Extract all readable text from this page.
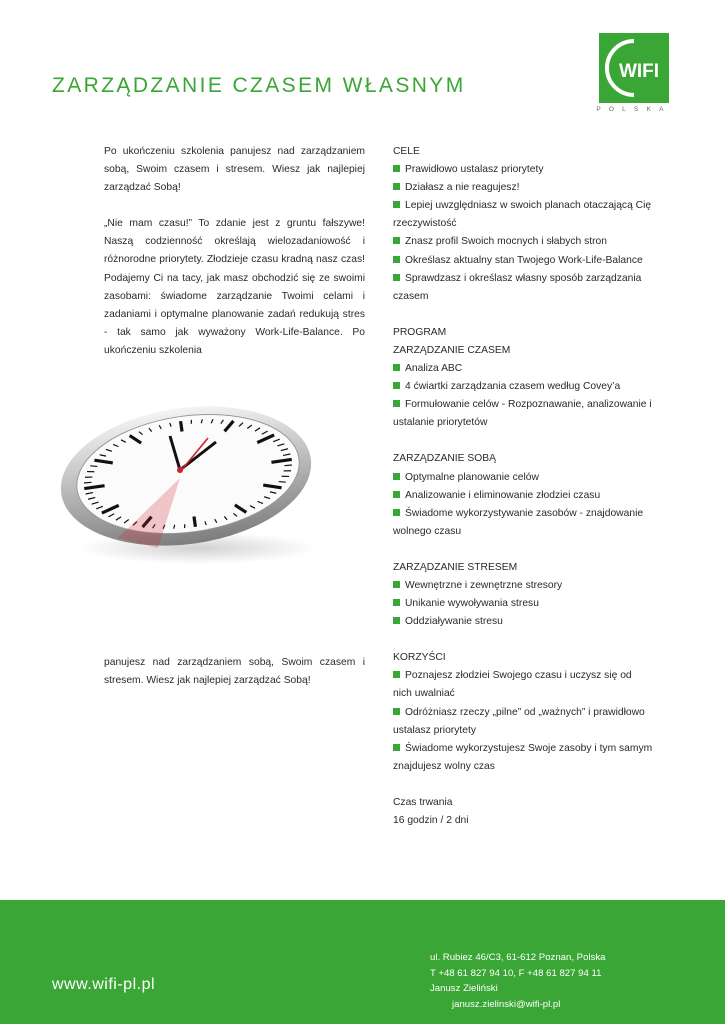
ZARZĄDZANIE CZASEM WŁASNYM
WIFI
POLSKA

Po ukończeniu szkolenia panujesz nad zarządzaniem sobą, Swoim czasem i stresem. Wiesz jak najlepiej zarządzać Sobą!

„Nie mam czasu!” To zdanie jest z gruntu fałszywe! Naszą codzienność określają wielozadaniowość i różnorodne priorytety. Złodzieje czasu kradną nasz czas! Podajemy Ci na tacy, jak masz obchodzić się ze swoimi zasobami: świadome zarządzanie Twoimi celami i zadaniami i optymalne planowanie zadań redukują stres - tak samo jak wyważony Work-Life-Balance. Po ukończeniu szkolenia

panujesz nad zarządzaniem sobą, Swoim czasem i stresem. Wiesz jak najlepiej zarządzać Sobą!

CELE
Prawidłowo ustalasz priorytety
Działasz a nie reagujesz!
Lepiej uwzględniasz w swoich planach otaczającą Cię rzeczywistość
Znasz profil Swoich mocnych i słabych stron
Określasz aktualny stan Twojego Work-Life-Balance
Sprawdzasz i określasz własny sposób zarządzania czasem
PROGRAM
ZARZĄDZANIE CZASEM
Analiza ABC
4 ćwiartki zarządzania czasem według Covey’a
Formułowanie celów - Rozpoznawanie, analizowanie i ustalanie priorytetów
ZARZĄDZANIE SOBĄ
Optymalne planowanie celów
Analizowanie i eliminowanie złodziei czasu
Świadome wykorzystywanie zasobów - znajdowanie wolnego czasu
ZARZĄDZANIE STRESEM
Wewnętrzne i zewnętrzne stresory
Unikanie wywoływania stresu
Oddziaływanie stresu
KORZYŚCI
Poznajesz złodziei Swojego czasu i uczysz się od nich uwalniać
Odróżniasz rzeczy „pilne” od „ważnych” i prawidłowo ustalasz priorytety
Świadome wykorzystujesz Swoje zasoby i tym samym znajdujesz wolny czas
Czas trwania
16 godzin / 2 dni
www.wifi-pl.pl
ul. Rubiez 46/C3, 61-612 Poznan, Polska
T +48 61 827 94 10, F +48 61 827 94 11
Janusz Zieliński
janusz.zielinski@wifi-pl.pl
